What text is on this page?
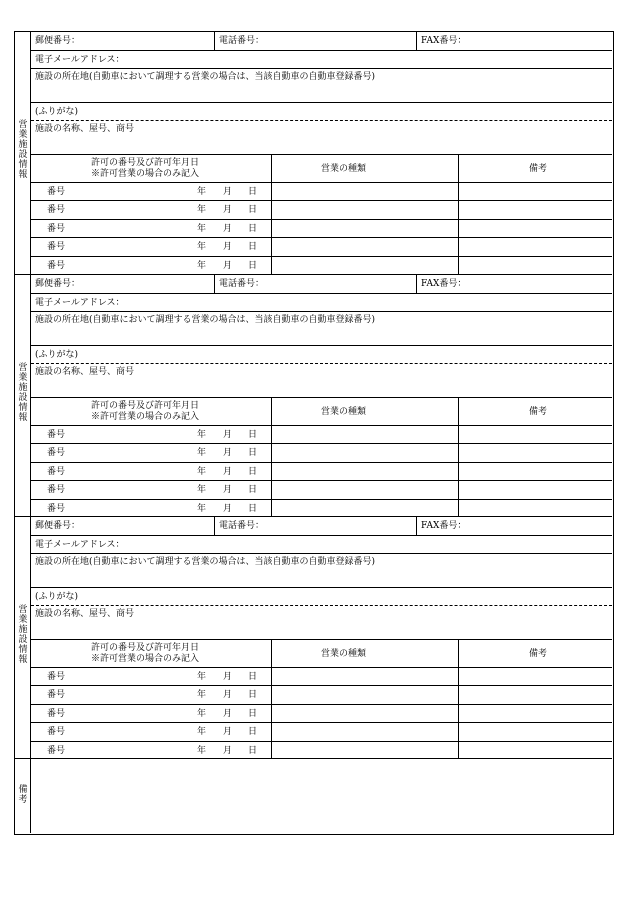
営業施設情報
郵便番号：	電話番号：	FAX番号：
電子メールアドレス：
施設の所在地(自動車において調理する営業の場合は、当該自動車の自動車登録番号)
(ふりがな)
施設の名称、屋号、商号
許可の番号及び許可年月日
※許可営業の場合のみ記入	営業の種類	備考
番号	年 月 日
番号	年 月 日
番号	年 月 日
番号	年 月 日
番号	年 月 日
営業施設情報
郵便番号：	電話番号：	FAX番号：
電子メールアドレス：
施設の所在地(自動車において調理する営業の場合は、当該自動車の自動車登録番号)
(ふりがな)
施設の名称、屋号、商号
許可の番号及び許可年月日
※許可営業の場合のみ記入	営業の種類	備考
番号	年 月 日
番号	年 月 日
番号	年 月 日
番号	年 月 日
番号	年 月 日
営業施設情報
郵便番号：	電話番号：	FAX番号：
電子メールアドレス：
施設の所在地(自動車において調理する営業の場合は、当該自動車の自動車登録番号)
(ふりがな)
施設の名称、屋号、商号
許可の番号及び許可年月日
※許可営業の場合のみ記入	営業の種類	備考
番号	年 月 日
番号	年 月 日
番号	年 月 日
番号	年 月 日
番号	年 月 日
備考
